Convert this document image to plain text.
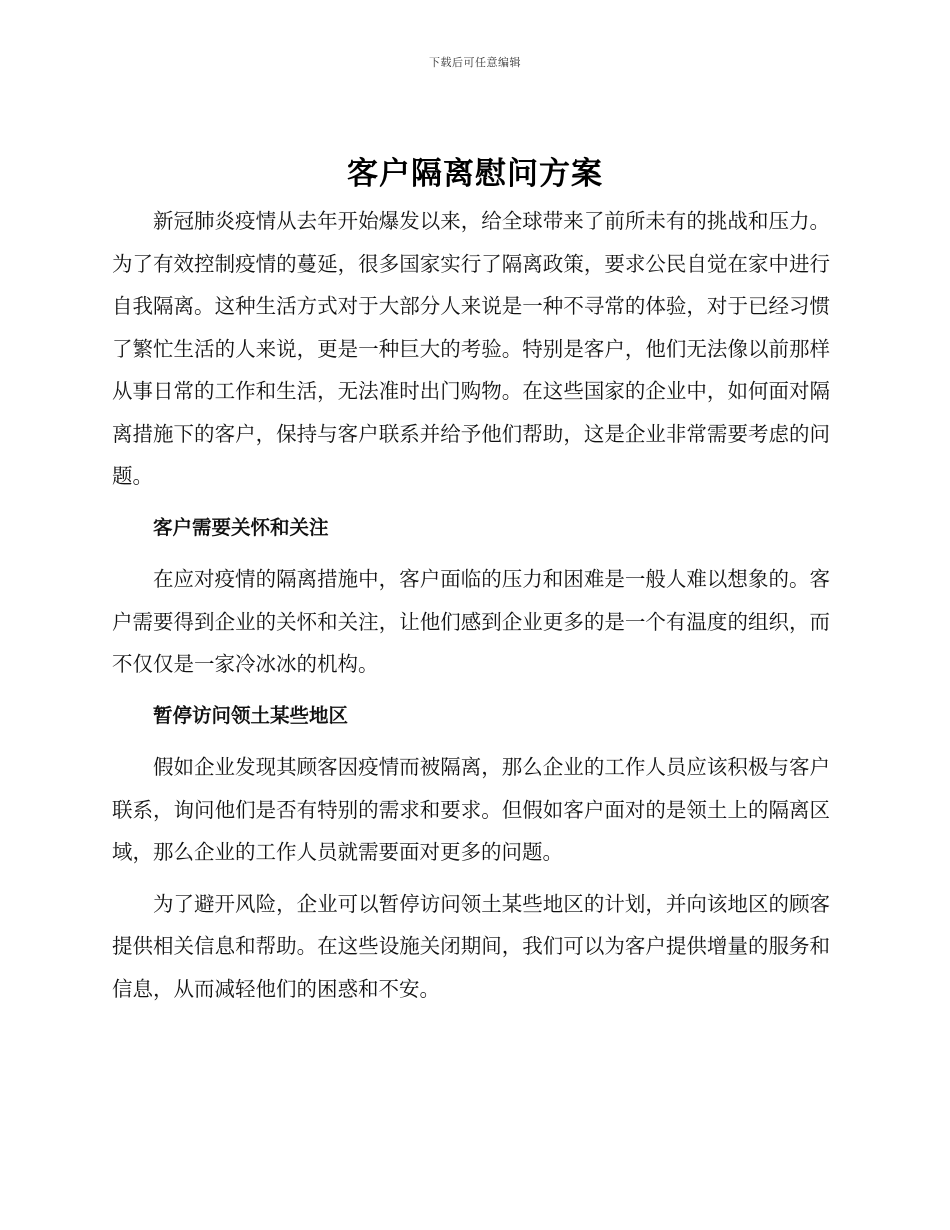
下载后可任意编辑
客户隔离慰问方案

新冠肺炎疫情从去年开始爆发以来，给全球带来了前所未有的挑战和压力。为了有效控制疫情的蔓延，很多国家实行了隔离政策，要求公民自觉在家中进行自我隔离。这种生活方式对于大部分人来说是一种不寻常的体验，对于已经习惯了繁忙生活的人来说，更是一种巨大的考验。特别是客户，他们无法像以前那样从事日常的工作和生活，无法准时出门购物。在这些国家的企业中，如何面对隔离措施下的客户，保持与客户联系并给予他们帮助，这是企业非常需要考虑的问题。

客户需要关怀和关注

在应对疫情的隔离措施中，客户面临的压力和困难是一般人难以想象的。客户需要得到企业的关怀和关注，让他们感到企业更多的是一个有温度的组织，而不仅仅是一家冷冰冰的机构。

暂停访问领土某些地区

假如企业发现其顾客因疫情而被隔离，那么企业的工作人员应该积极与客户联系，询问他们是否有特别的需求和要求。但假如客户面对的是领土上的隔离区域，那么企业的工作人员就需要面对更多的问题。

为了避开风险，企业可以暂停访问领土某些地区的计划，并向该地区的顾客提供相关信息和帮助。在这些设施关闭期间，我们可以为客户提供增量的服务和信息，从而减轻他们的困惑和不安。
